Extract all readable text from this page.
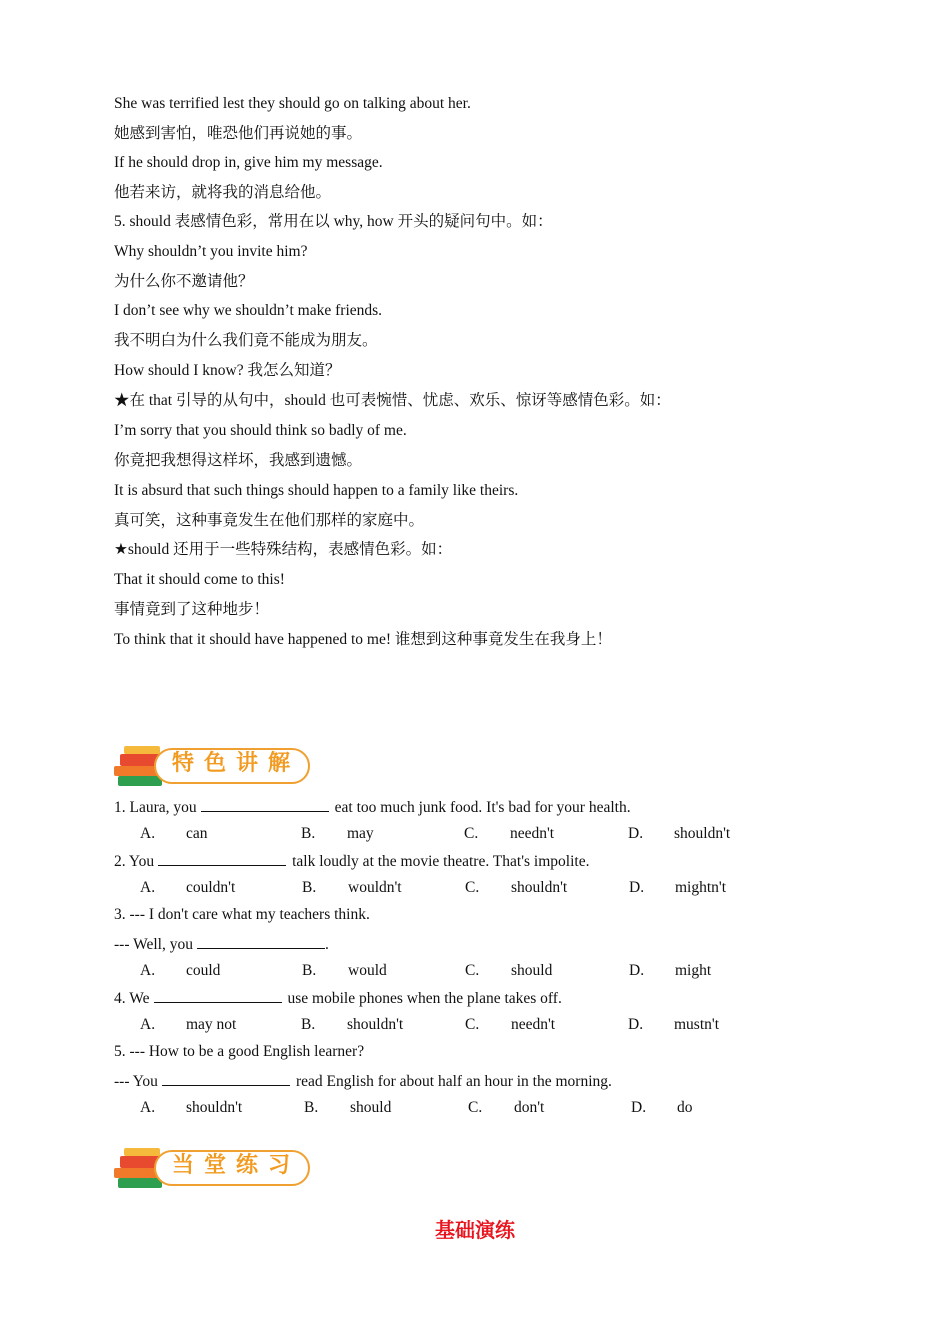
She was terrified lest they should go on talking about her.
她感到害怕，唯恐他们再说她的事。
If he should drop in, give him my message.
他若来访，就将我的消息给他。
5. should 表感情色彩，常用在以 why, how 开头的疑问句中。如：
Why shouldn’t you invite him?
为什么你不邀请他？
I don’t see why we shouldn’t make friends.
我不明白为什么我们竟不能成为朋友。
How should I know? 我怎么知道？
★在 that 引导的从句中，should 也可表惋惜、忧虑、欢乐、惊讶等感情色彩。如：
I’m sorry that you should think so badly of me.
你竟把我想得这样坏，我感到遗憾。
It is absurd that such things should happen to a family like theirs.
真可笑，这种事竟发生在他们那样的家庭中。
★should 还用于一些特殊结构，表感情色彩。如：
That it should come to this!
事情竟到了这种地步！
To think that it should have happened to me! 谁想到这种事竟发生在我身上！
特色讲解
1. Laura, you	eat too much junk food. It's bad for your health.
A. can	B. may	C. needn't	D. shouldn't
2. You	talk loudly at the movie theatre. That's impolite.
A. couldn't	B. wouldn't	C. shouldn't	D. mightn't
3. --- I don't care what my teachers think.
--- Well, you	.
A. could	B. would	C. should	D. might
4. We	use mobile phones when the plane takes off.
A. may not	B. shouldn't	C. needn't	D. mustn't
5. --- How to be a good English learner?
--- You	read English for about half an hour in the morning.
A. shouldn't	B. should	C. don't	D. do
当堂练习
基础演练
